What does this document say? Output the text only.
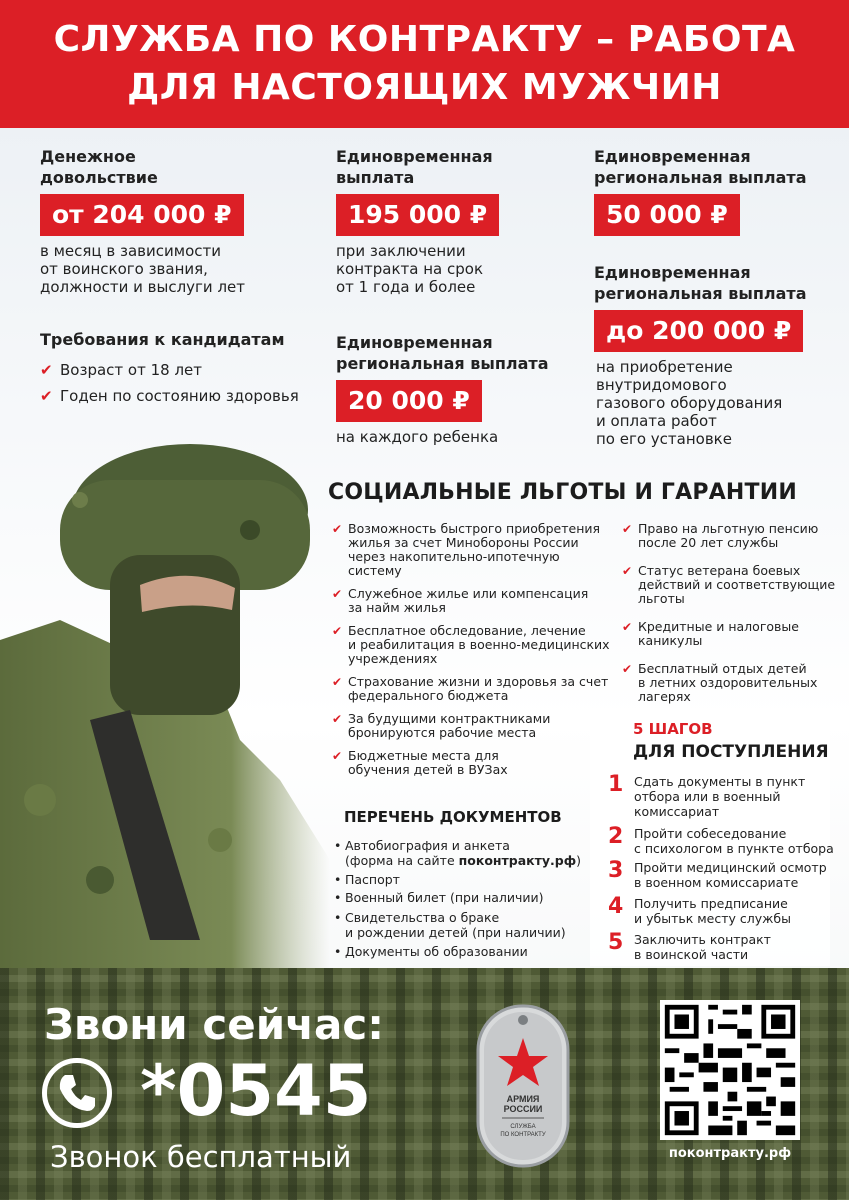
СЛУЖБА ПО КОНТРАКТУ – РАБОТА
ДЛЯ НАСТОЯЩИХ МУЖЧИН
Денежное
довольствие
от 204 000 ₽
в месяц в зависимости
от воинского звания,
должности и выслуги лет
Единовременная
выплата
195 000 ₽
при заключении
контракта на срок
от 1 года и более
Единовременная
региональная выплата
50 000 ₽
Единовременная
региональная выплата
до 200 000 ₽
на приобретение
внутридомового
газового оборудования
и оплата работ
по его установке
Единовременная
региональная выплата
20 000 ₽
на каждого ребенка
Требования к кандидатам
✔ Возраст от 18 лет
✔ Годен по состоянию здоровья
СОЦИАЛЬНЫЕ ЛЬГОТЫ И ГАРАНТИИ
✔ Возможность быстрого приобретения
жилья за счет Минобороны России
через накопительно-ипотечную
систему
✔ Служебное жилье или компенсация
за найм жилья
✔ Бесплатное обследование, лечение
и реабилитация в военно-медицинских
учреждениях
✔ Страхование жизни и здоровья за счет
федерального бюджета
✔ За будущими контрактниками
бронируются рабочие места
✔ Бюджетные места для
обучения детей в ВУЗах
✔ Право на льготную пенсию
после 20 лет службы
✔ Статус ветерана боевых
действий и соответствующие
льготы
✔ Кредитные и налоговые
каникулы
✔ Бесплатный отдых детей
в летних оздоровительных
лагерях
5 ШАГОВ
ДЛЯ ПОСТУПЛЕНИЯ
1 Сдать документы в пункт
отбора или в военный
комиссариат
2 Пройти собеседование
с психологом в пункте отбора
3 Пройти медицинский осмотр
в военном комиссариате
4 Получить предписание
и убытьк месту службы
5 Заключить контракт
в воинской части
ПЕРЕЧЕНЬ ДОКУМЕНТОВ
• Автобиография и анкета
(форма на сайте поконтракту.рф)
• Паспорт
• Военный билет (при наличии)
• Свидетельства о браке
и рождении детей (при наличии)
• Документы об образовании
Звони сейчас:
*0545
Звонок бесплатный
АРМИЯ
РОССИИ
СЛУЖБА
ПО КОНТРАКТУ
поконтракту.рф
